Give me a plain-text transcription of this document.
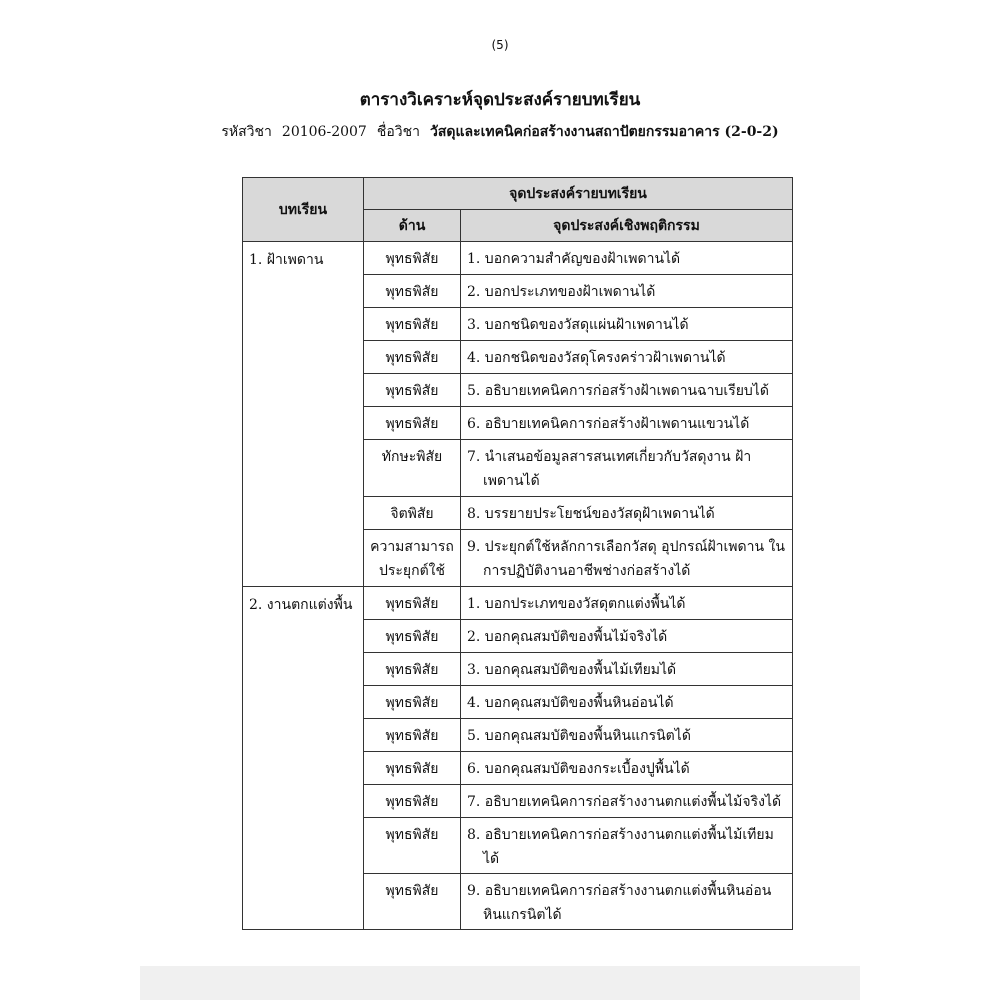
(5)
ตารางวิเคราะห์จุดประสงค์รายบทเรียน
รหัสวิชา 20106-2007 ชื่อวิชา วัสดุและเทคนิคก่อสร้างงานสถาปัตยกรรมอาคาร (2-0-2)
บทเรียน	จุดประสงค์รายบทเรียน	
	ด้าน	จุดประสงค์เชิงพฤติกรรม
1. ฝ้าเพดาน	พุทธพิสัย	1. บอกความสำคัญของฝ้าเพดานได้
	พุทธพิสัย	2. บอกประเภทของฝ้าเพดานได้
	พุทธพิสัย	3. บอกชนิดของวัสดุแผ่นฝ้าเพดานได้
	พุทธพิสัย	4. บอกชนิดของวัสดุโครงคร่าวฝ้าเพดานได้
	พุทธพิสัย	5. อธิบายเทคนิคการก่อสร้างฝ้าเพดานฉาบเรียบได้
	พุทธพิสัย	6. อธิบายเทคนิคการก่อสร้างฝ้าเพดานแขวนได้
	ทักษะพิสัย	7. นำเสนอข้อมูลสารสนเทศเกี่ยวกับวัสดุงาน ฝ้าเพดานได้
	จิตพิสัย	8. บรรยายประโยชน์ของวัสดุฝ้าเพดานได้
	ความสามารถประยุกต์ใช้	9. ประยุกต์ใช้หลักการเลือกวัสดุ อุปกรณ์ฝ้าเพดาน ในการปฏิบัติงานอาชีพช่างก่อสร้างได้
2. งานตกแต่งพื้น	พุทธพิสัย	1. บอกประเภทของวัสดุตกแต่งพื้นได้
	พุทธพิสัย	2. บอกคุณสมบัติของพื้นไม้จริงได้
	พุทธพิสัย	3. บอกคุณสมบัติของพื้นไม้เทียมได้
	พุทธพิสัย	4. บอกคุณสมบัติของพื้นหินอ่อนได้
	พุทธพิสัย	5. บอกคุณสมบัติของพื้นหินแกรนิตได้
	พุทธพิสัย	6. บอกคุณสมบัติของกระเบื้องปูพื้นได้
	พุทธพิสัย	7. อธิบายเทคนิคการก่อสร้างงานตกแต่งพื้นไม้จริงได้
	พุทธพิสัย	8. อธิบายเทคนิคการก่อสร้างงานตกแต่งพื้นไม้เทียมได้
	พุทธพิสัย	9. อธิบายเทคนิคการก่อสร้างงานตกแต่งพื้นหินอ่อน หินแกรนิตได้
